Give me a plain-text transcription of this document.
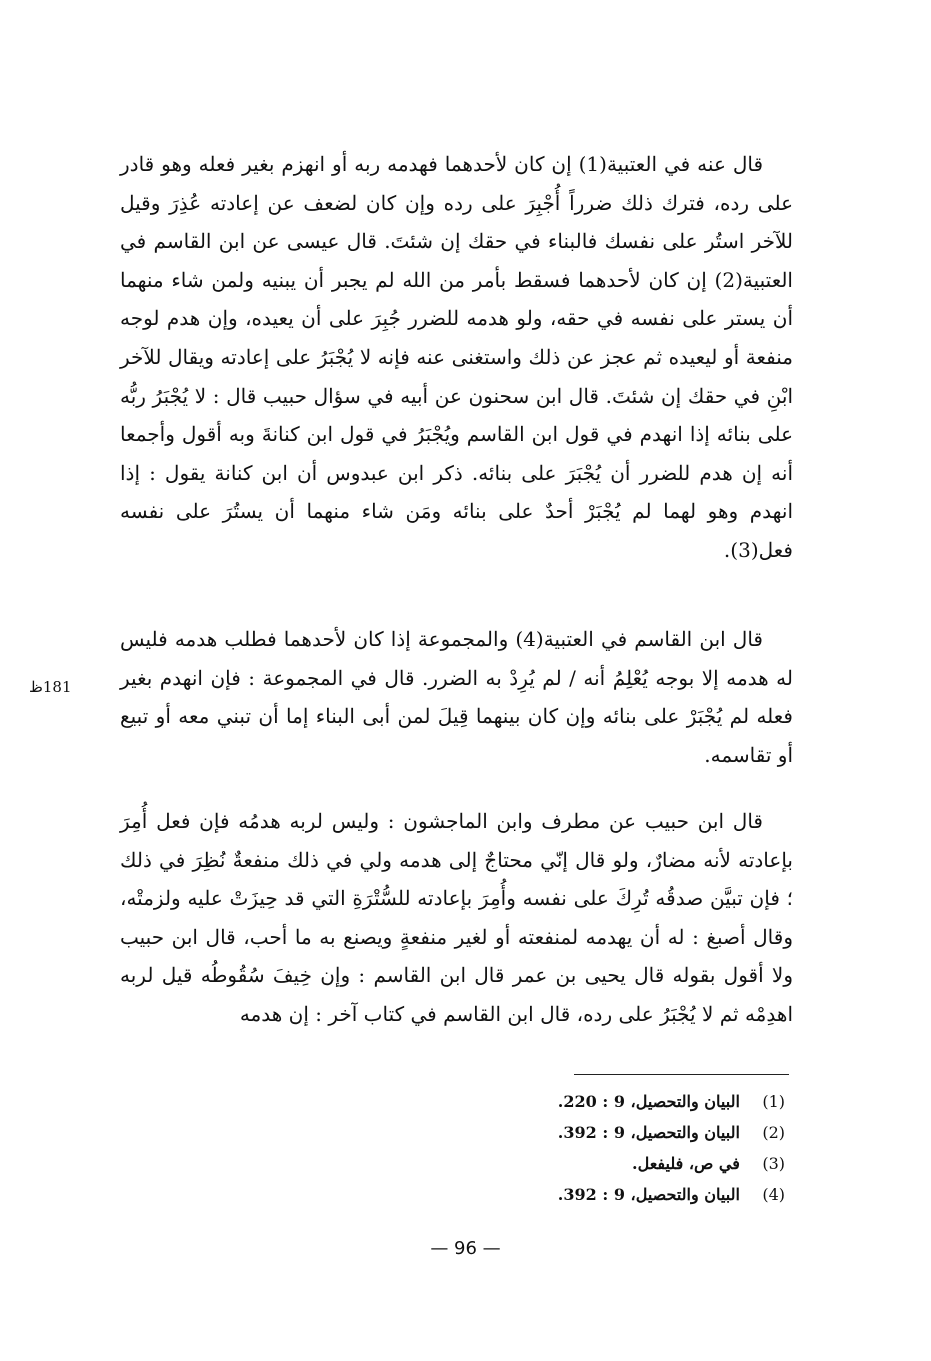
قال عنه في العتبية(1) إن كان لأحدهما فهدمه ربه أو انهزم بغير فعله وهو قادر على رده، فترك ذلك ضرراً أُجْبِرَ على رده وإن كان لضعف عن إعادته عُذِرَ وقيل للآخر استُر على نفسك فالبناء في حقك إن شئتَ. قال عيسى عن ابن القاسم في العتبية(2) إن كان لأحدهما فسقط بأمر من الله لم يجبر أن يبنيه ولمن شاء منهما أن يستر على نفسه في حقه، ولو هدمه للضرر جُبِرَ على أن يعيده، وإن هدم لوجه منفعة أو ليعيده ثم عجز عن ذلك واستغنى عنه فإنه لا يُجْبَرُ على إعادته ويقال للآخر ابْنِ في حقك إن شئتَ. قال ابن سحنون عن أبيه في سؤال حبيب قال : لا يُجْبَرُ ربُّه على بنائه إذا انهدم في قول ابن القاسم ويُجْبَرُ في قول ابن كنانةَ وبه أقول وأجمعا أنه إن هدم للضرر أن يُجْبَرَ على بنائه. ذكر ابن عبدوس أن ابن كنانة يقول : إذا انهدم وهو لهما لم يُجْبَرْ أحدٌ على بنائه ومَن شاء منهما أن يستُرَ على نفسه فعل(3).

قال ابن القاسم في العتبية(4) والمجموعة إذا كان لأحدهما فطلب هدمه فليس له هدمه إلا بوجه يُعْلِمُ أنه / لم يُرِدْ به الضرر. قال في المجموعة : فإن انهدم بغير فعله لم يُجْبَرْ على بنائه وإن كان بينهما قِيلَ لمن أبى البناء إما أن تبني معه أو تبيع أو تقاسمه.

قال ابن حبيب عن مطرف وابن الماجشون : وليس لربه هدمُه فإن فعل أُمِرَ بإعادته لأنه مضارٌ، ولو قال إنّي محتاجٌ إلى هدمه ولي في ذلك منفعةٌ نُظِرَ في ذلك ؛ فإن تبيَّن صدقُه تُرِكَ على نفسه وأُمِرَ بإعادته للسُّتْرَةِ التي قد حِيزَتْ عليه ولزمتْه، وقال أصبغ : له أن يهدمه لمنفعته أو لغير منفعةٍ ويصنع به ما أحب، قال ابن حبيب ولا أقول بقوله قال يحيى بن عمر قال ابن القاسم : وإن خِيفَ سُقُوطُه قيل لربه اهدِمْه ثم لا يُجْبَرُ على رده، قال ابن القاسم في كتاب آخر : إن هدمه

181ظ
(1) البيان والتحصيل، 9 : 220.
(2) البيان والتحصيل، 9 : 392.
(3) في ص، فليفعل.
(4) البيان والتحصيل، 9 : 392.
— 96 —
